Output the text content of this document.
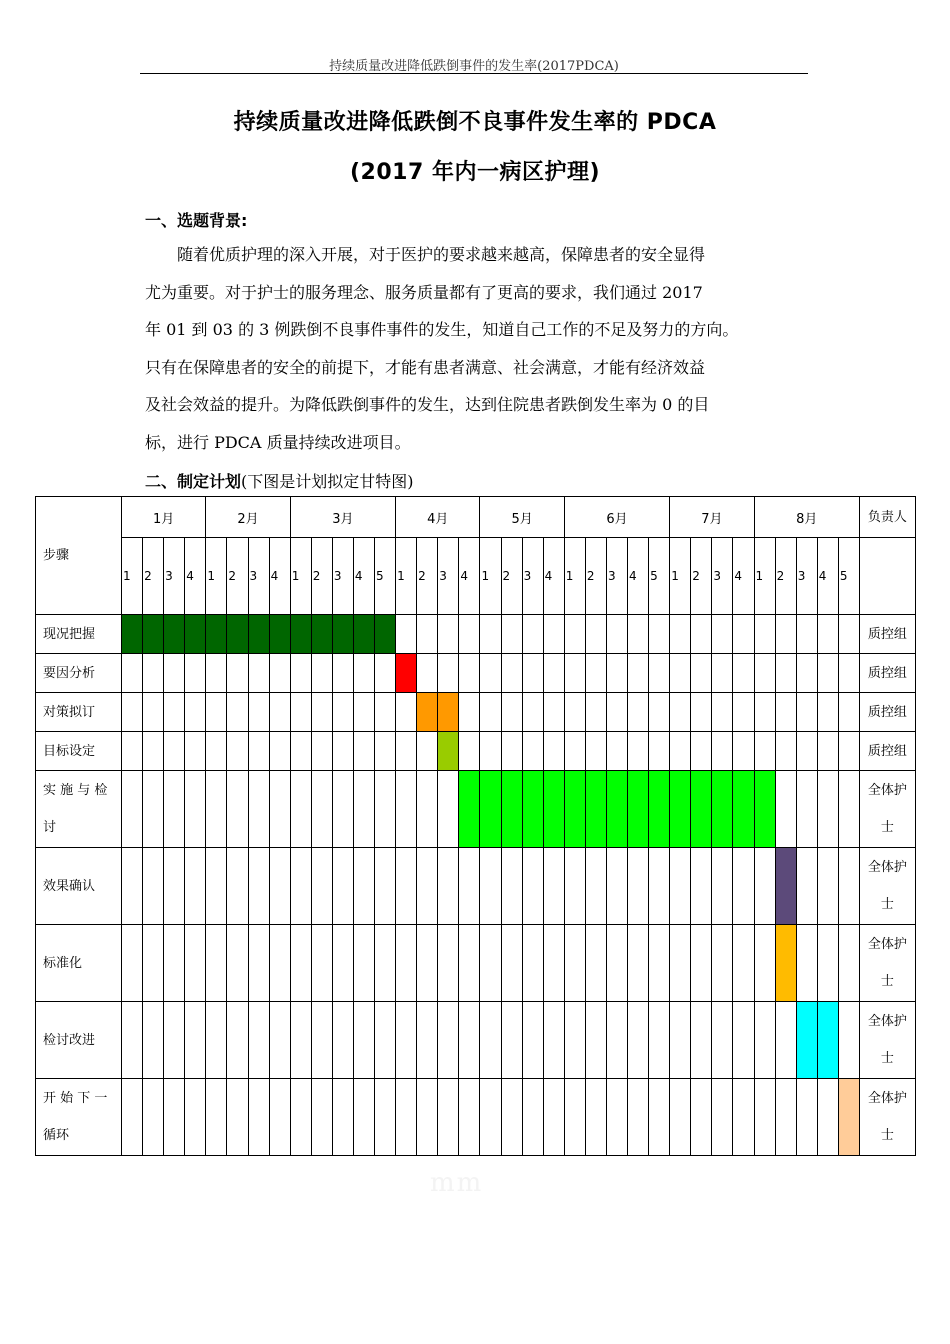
持续质量改进降低跌倒事件的发生率(2017PDCA)
持续质量改进降低跌倒不良事件发生率的 PDCA
(2017 年内一病区护理)
一、选题背景:
随着优质护理的深入开展，对于医护的要求越来越高，保障患者的安全显得
尤为重要。对于护士的服务理念、服务质量都有了更高的要求，我们通过 2017
年 01 到 03 的 3 例跌倒不良事件事件的发生，知道自己工作的不足及努力的方向。
只有在保障患者的安全的前提下，才能有患者满意、社会满意，才能有经济效益
及社会效益的提升。为降低跌倒事件的发生，达到住院患者跌倒发生率为 0 的目
标，进行 PDCA 质量持续改进项目。
二、制定计划(下图是计划拟定甘特图)
步骤	1月				2月				3月					4月				5月				6月					7月				8月					负责人
	1	2	3	4	1	2	3	4	1	2	3	4	5	1	2	3	4	1	2	3	4	1	2	3	4	5	1	2	3	4	1	2	3	4	5	
现况把握																																				质控组
要因分析																																				质控组
对策拟订																																				质控组
目标设定																																				质控组
实 施 与 检 讨																																				全体护 士
效果确认																																				全体护 士
标准化																																				全体护 士
检讨改进																																				全体护 士
开 始 下 一 循环																																				全体护 士
mm
